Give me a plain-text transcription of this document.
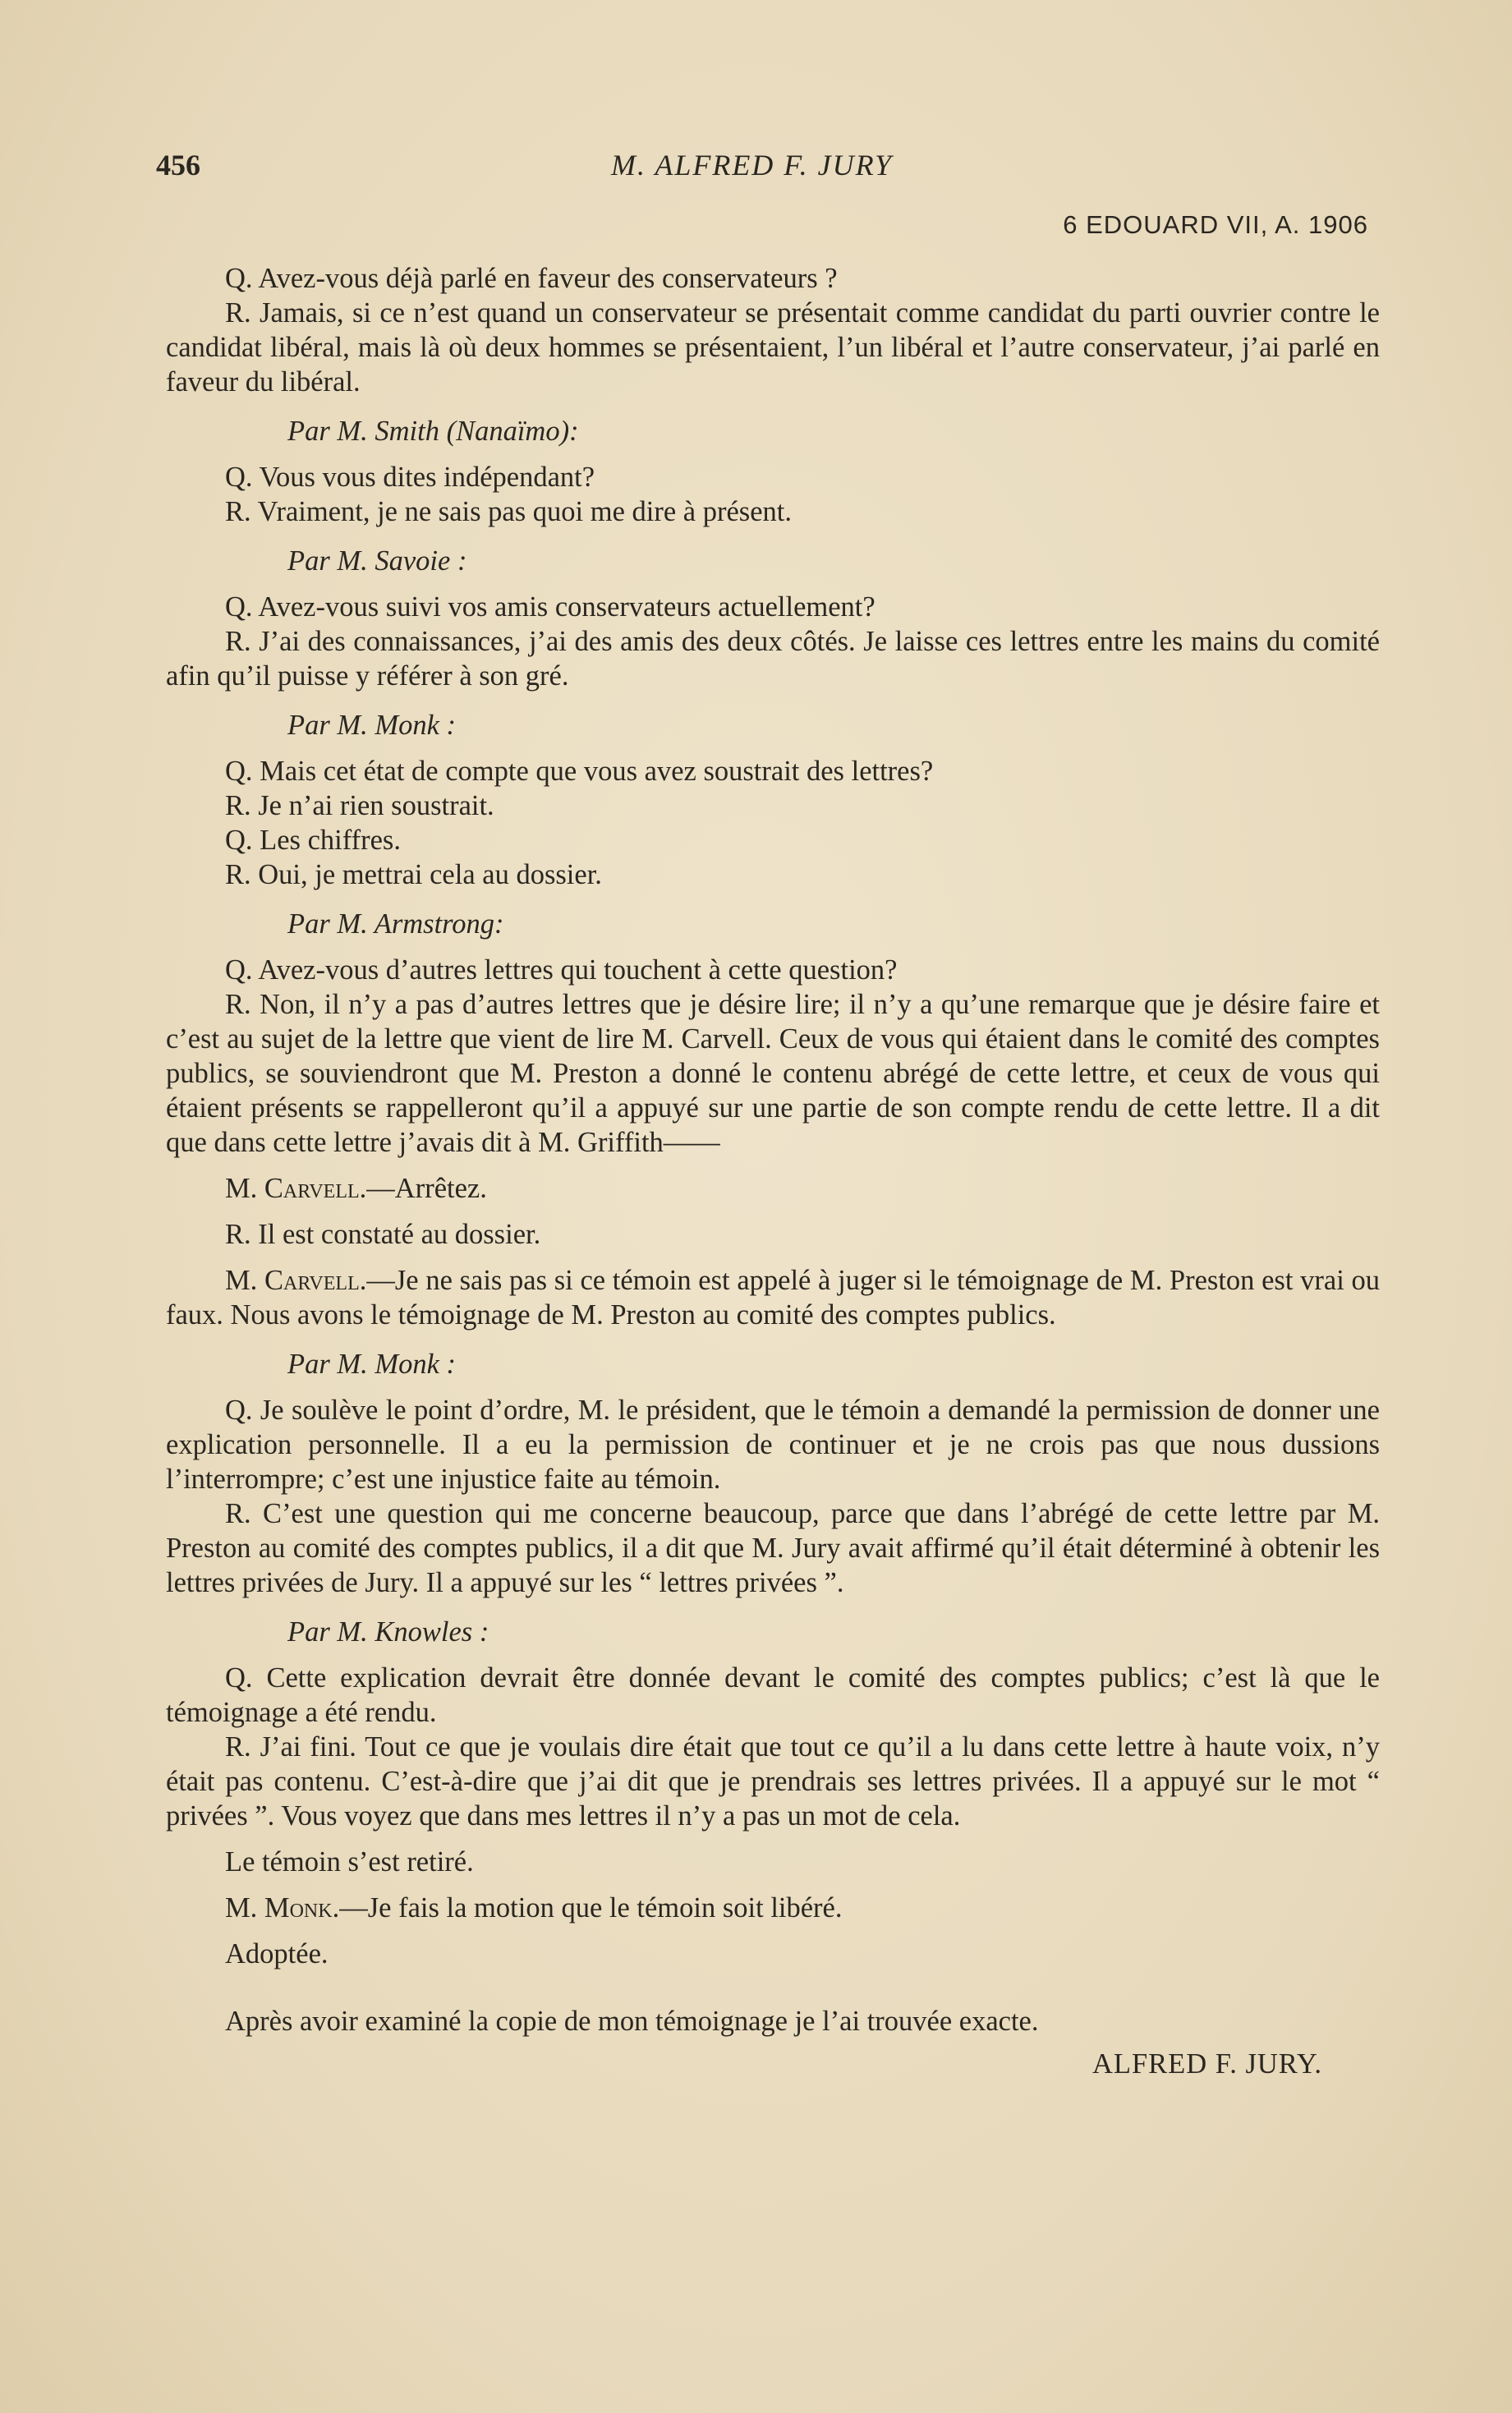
456	M. ALFRED F. JURY
6 EDOUARD VII, A. 1906

Q. Avez-vous déjà parlé en faveur des conservateurs ?

R. Jamais, si ce n’est quand un conservateur se présentait comme candidat du parti ouvrier contre le candidat libéral, mais là où deux hommes se présentaient, l’un libéral et l’autre conservateur, j’ai parlé en faveur du libéral.

Par M. Smith (Nanaïmo):

Q. Vous vous dites indépendant?

R. Vraiment, je ne sais pas quoi me dire à présent.

Par M. Savoie :

Q. Avez-vous suivi vos amis conservateurs actuellement?

R. J’ai des connaissances, j’ai des amis des deux côtés. Je laisse ces lettres entre les mains du comité afin qu’il puisse y référer à son gré.

Par M. Monk :

Q. Mais cet état de compte que vous avez soustrait des lettres?

R. Je n’ai rien soustrait.

Q. Les chiffres.

R. Oui, je mettrai cela au dossier.

Par M. Armstrong:

Q. Avez-vous d’autres lettres qui touchent à cette question?

R. Non, il n’y a pas d’autres lettres que je désire lire; il n’y a qu’une remarque que je désire faire et c’est au sujet de la lettre que vient de lire M. Carvell. Ceux de vous qui étaient dans le comité des comptes publics, se souviendront que M. Preston a donné le contenu abrégé de cette lettre, et ceux de vous qui étaient présents se rappelleront qu’il a appuyé sur une partie de son compte rendu de cette lettre. Il a dit que dans cette lettre j’avais dit à M. Griffith——

M. Carvell.—Arrêtez.

R. Il est constaté au dossier.

M. Carvell.—Je ne sais pas si ce témoin est appelé à juger si le témoignage de M. Preston est vrai ou faux. Nous avons le témoignage de M. Preston au comité des comptes publics.

Par M. Monk :

Q. Je soulève le point d’ordre, M. le président, que le témoin a demandé la permission de donner une explication personnelle. Il a eu la permission de continuer et je ne crois pas que nous dussions l’interrompre; c’est une injustice faite au témoin.

R. C’est une question qui me concerne beaucoup, parce que dans l’abrégé de cette lettre par M. Preston au comité des comptes publics, il a dit que M. Jury avait affirmé qu’il était déterminé à obtenir les lettres privées de Jury. Il a appuyé sur les “ lettres privées ”.

Par M. Knowles :

Q. Cette explication devrait être donnée devant le comité des comptes publics; c’est là que le témoignage a été rendu.

R. J’ai fini. Tout ce que je voulais dire était que tout ce qu’il a lu dans cette lettre à haute voix, n’y était pas contenu. C’est-à-dire que j’ai dit que je prendrais ses lettres privées. Il a appuyé sur le mot “ privées ”. Vous voyez que dans mes lettres il n’y a pas un mot de cela.

Le témoin s’est retiré.

M. Monk.—Je fais la motion que le témoin soit libéré.

Adoptée.

Après avoir examiné la copie de mon témoignage je l’ai trouvée exacte.

ALFRED F. JURY.
